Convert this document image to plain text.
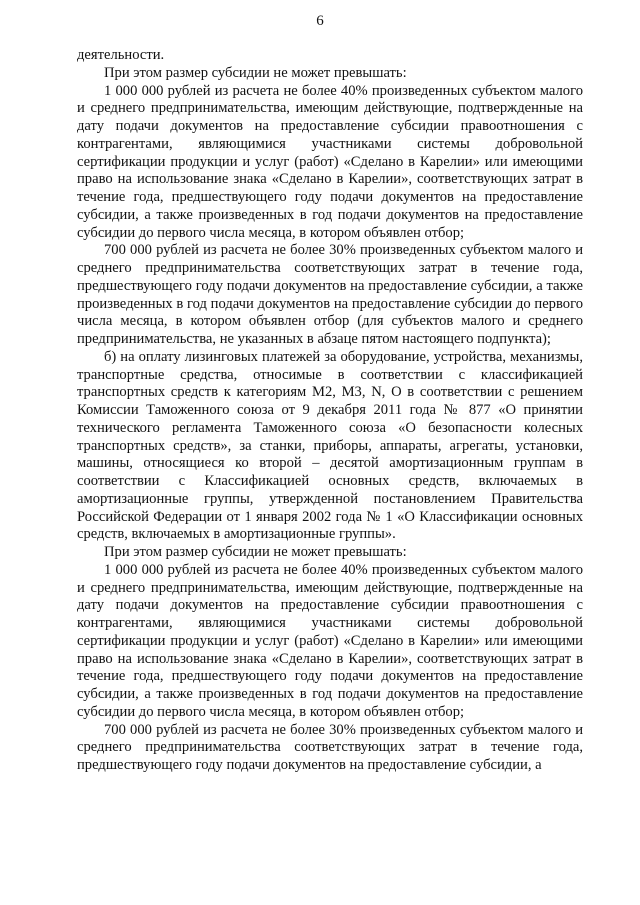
6

деятельности.

При этом размер субсидии не может превышать:

1 000 000 рублей из расчета не более 40% произведенных субъектом малого и среднего предпринимательства, имеющим действующие, подтвержденные на дату подачи документов на предоставление субсидии правоотношения с контрагентами, являющимися участниками системы добровольной сертификации продукции и услуг (работ) «Сделано в Карелии» или имеющими право на использование знака «Сделано в Карелии», соответствующих затрат в течение года, предшествующего году подачи документов на предоставление субсидии, а также произведенных в год подачи документов на предоставление субсидии до первого числа месяца, в котором объявлен отбор;

700 000 рублей из расчета не более 30% произведенных субъектом малого и среднего предпринимательства соответствующих затрат в течение года, предшествующего году подачи документов на предоставление субсидии, а также произведенных в год подачи документов на предоставление субсидии до первого числа месяца, в котором объявлен отбор (для субъектов малого и среднего предпринимательства, не указанных в абзаце пятом настоящего подпункта);

б) на оплату лизинговых платежей за оборудование, устройства, механизмы, транспортные средства, относимые в соответствии с классификацией транспортных средств к категориям M2, M3, N, O в соответствии с решением Комиссии Таможенного союза от 9 декабря 2011 года № 877 «О принятии технического регламента Таможенного союза «О безопасности колесных транспортных средств», за станки, приборы, аппараты, агрегаты, установки, машины, относящиеся ко второй – десятой амортизационным группам в соответствии с Классификацией основных средств, включаемых в амортизационные группы, утвержденной постановлением Правительства Российской Федерации от 1 января 2002 года № 1 «О Классификации основных средств, включаемых в амортизационные группы».

При этом размер субсидии не может превышать:

1 000 000 рублей из расчета не более 40% произведенных субъектом малого и среднего предпринимательства, имеющим действующие, подтвержденные на дату подачи документов на предоставление субсидии правоотношения с контрагентами, являющимися участниками системы добровольной сертификации продукции и услуг (работ) «Сделано в Карелии» или имеющими право на использование знака «Сделано в Карелии», соответствующих затрат в течение года, предшествующего году подачи документов на предоставление субсидии, а также произведенных в год подачи документов на предоставление субсидии до первого числа месяца, в котором объявлен отбор;

700 000 рублей из расчета не более 30% произведенных субъектом малого и среднего предпринимательства соответствующих затрат в течение года, предшествующего году подачи документов на предоставление субсидии, а
